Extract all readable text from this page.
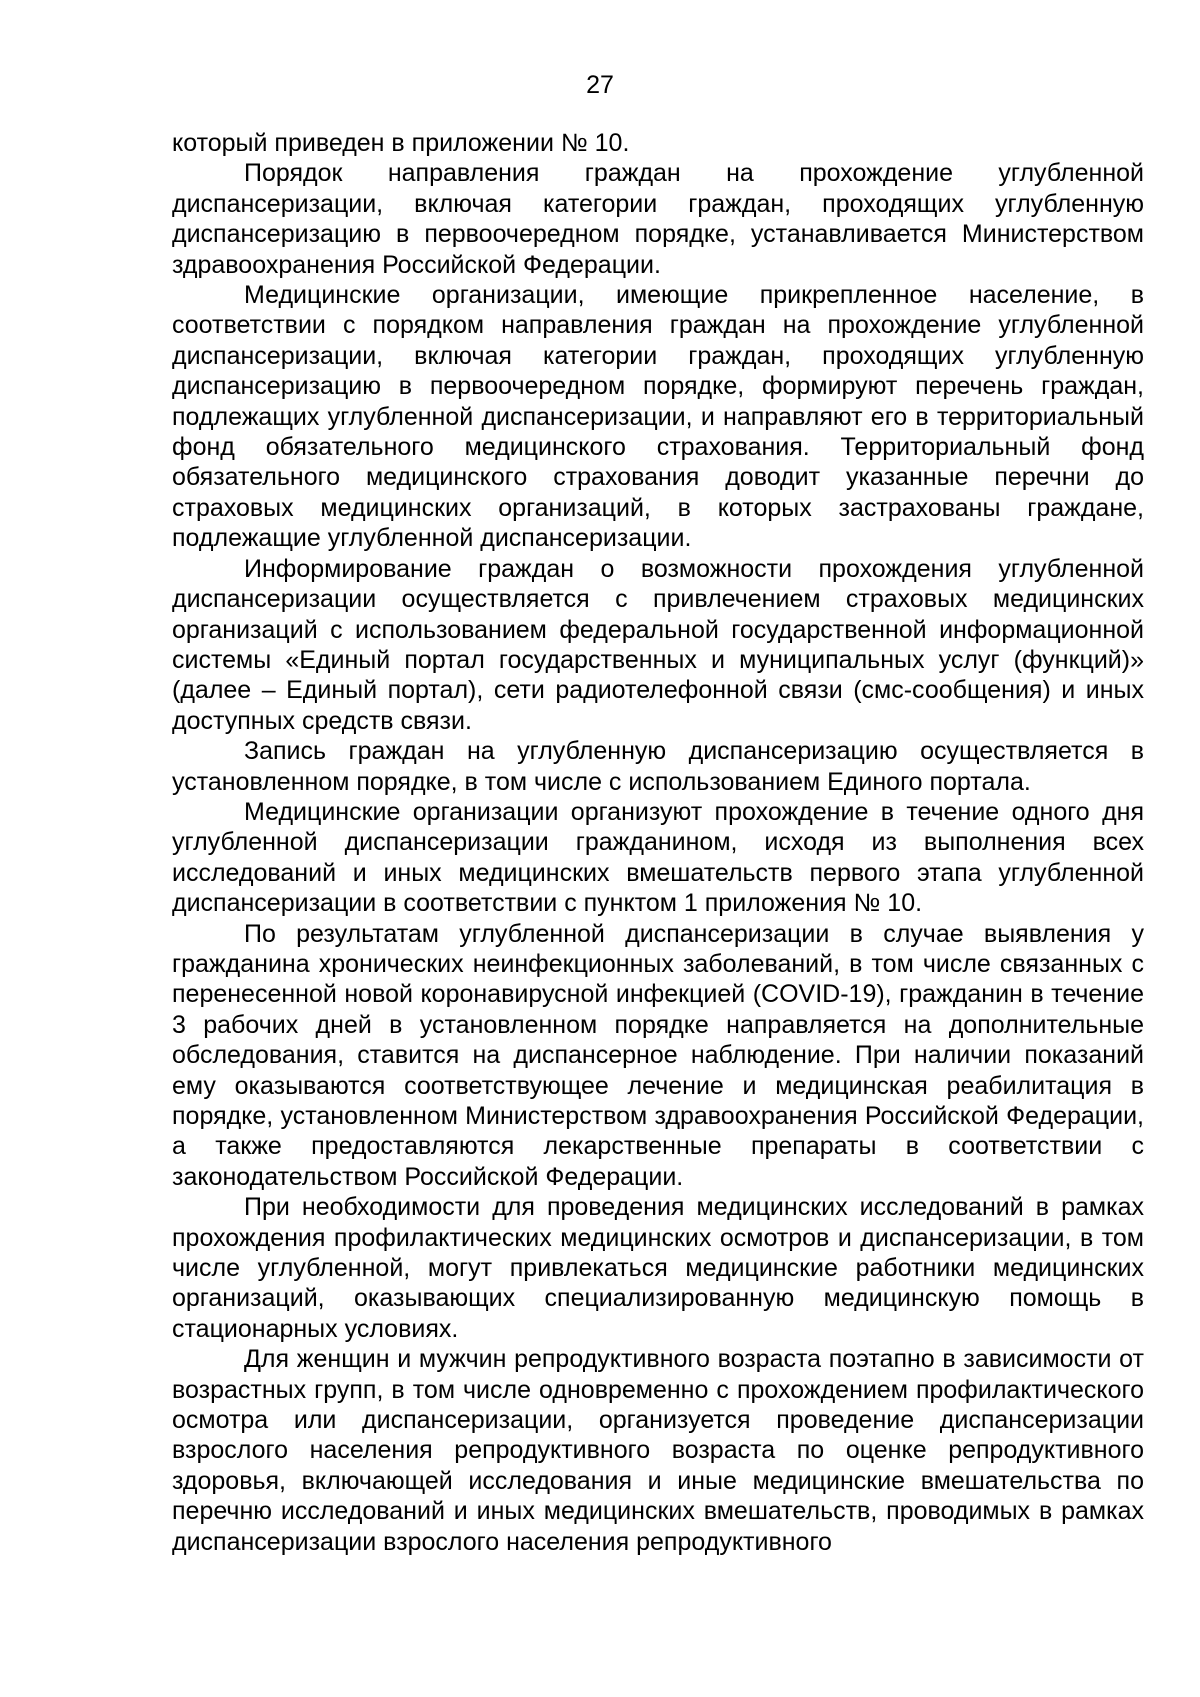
27

который приведен в приложении № 10.

Порядок направления граждан на прохождение углубленной диспансеризации, включая категории граждан, проходящих углубленную диспансеризацию в первоочередном порядке, устанавливается Министерством здравоохранения Российской Федерации.

Медицинские организации, имеющие прикрепленное население, в соответствии с порядком направления граждан на прохождение углубленной диспансеризации, включая категории граждан, проходящих углубленную диспансеризацию в первоочередном порядке, формируют перечень граждан, подлежащих углубленной диспансеризации, и направляют его в территориальный фонд обязательного медицинского страхования. Территориальный фонд обязательного медицинского страхования доводит указанные перечни до страховых медицинских организаций, в которых застрахованы граждане, подлежащие углубленной диспансеризации.

Информирование граждан о возможности прохождения углубленной диспансеризации осуществляется с привлечением страховых медицинских организаций с использованием федеральной государственной информационной системы «Единый портал государственных и муниципальных услуг (функций)» (далее – Единый портал), сети радиотелефонной связи (смс-сообщения) и иных доступных средств связи.

Запись граждан на углубленную диспансеризацию осуществляется в установленном порядке, в том числе с использованием Единого портала.

Медицинские организации организуют прохождение в течение одного дня углубленной диспансеризации гражданином, исходя из выполнения всех исследований и иных медицинских вмешательств первого этапа углубленной диспансеризации в соответствии с пунктом 1 приложения № 10.

По результатам углубленной диспансеризации в случае выявления у гражданина хронических неинфекционных заболеваний, в том числе связанных с перенесенной новой коронавирусной инфекцией (COVID-19), гражданин в течение 3 рабочих дней в установленном порядке направляется на дополнительные обследования, ставится на диспансерное наблюдение. При наличии показаний ему оказываются соответствующее лечение и медицинская реабилитация в порядке, установленном Министерством здравоохранения Российской Федерации, а также предоставляются лекарственные препараты в соответствии с законодательством Российской Федерации.

При необходимости для проведения медицинских исследований в рамках прохождения профилактических медицинских осмотров и диспансеризации, в том числе углубленной, могут привлекаться медицинские работники медицинских организаций, оказывающих специализированную медицинскую помощь в стационарных условиях.

Для женщин и мужчин репродуктивного возраста поэтапно в зависимости от возрастных групп, в том числе одновременно с прохождением профилактического осмотра или диспансеризации, организуется проведение диспансеризации взрослого населения репродуктивного возраста по оценке репродуктивного здоровья, включающей исследования и иные медицинские вмешательства по перечню исследований и иных медицинских вмешательств, проводимых в рамках диспансеризации взрослого населения репродуктивного
